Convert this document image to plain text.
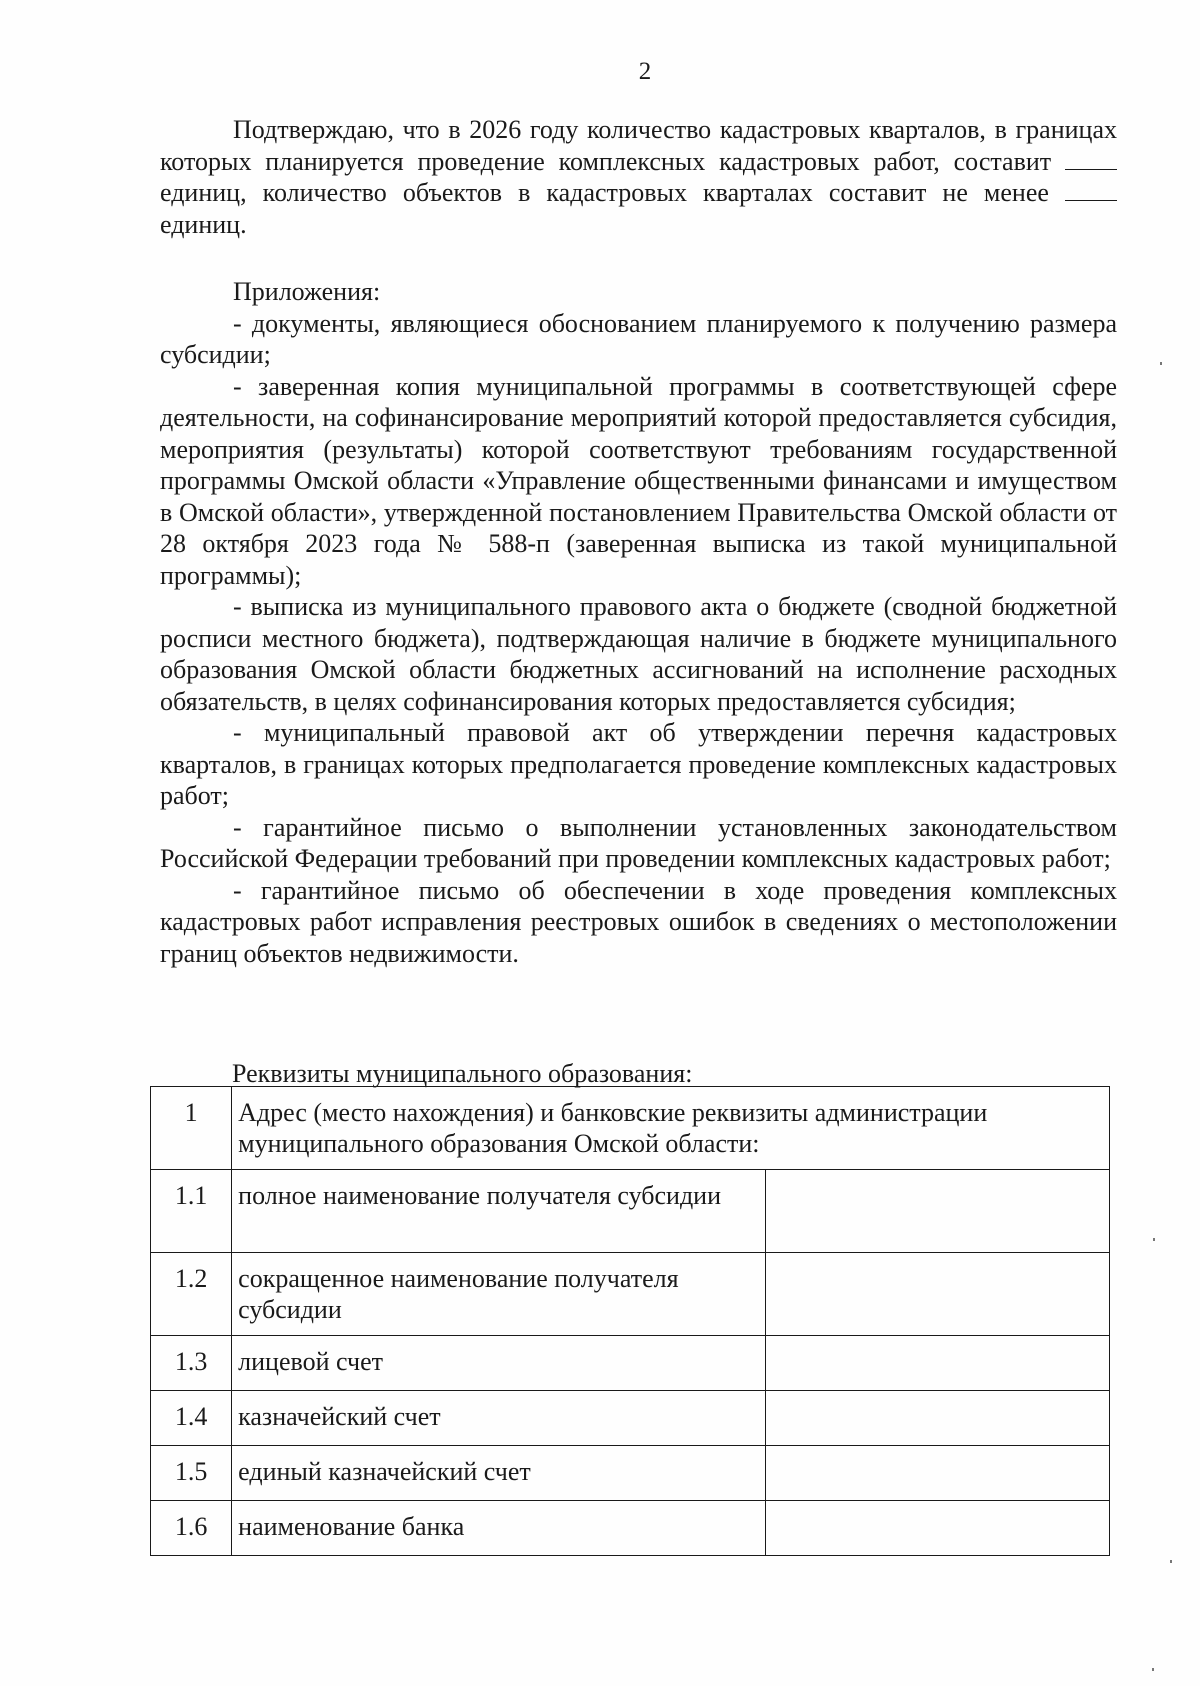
2

Подтверждаю, что в 2026 году количество кадастровых кварталов, в границах которых планируется проведение комплексных кадастровых работ, составит  единиц, количество объектов в кадастровых кварталах составит не менее  единиц.

Приложения:

- документы, являющиеся обоснованием планируемого к получению размера субсидии;

- заверенная копия муниципальной программы в соответствующей сфере деятельности, на софинансирование мероприятий которой предоставляется субсидия, мероприятия (результаты) которой соответствуют требованиям государственной программы Омской области «Управление общественными финансами и имуществом в Омской области», утвержденной постановлением Правительства Омской области от 28 октября 2023 года № 588-п (заверенная выписка из такой муниципальной программы);

- выписка из муниципального правового акта о бюджете (сводной бюджетной росписи местного бюджета), подтверждающая наличие в бюджете муниципального образования Омской области бюджетных ассигнований на исполнение расходных обязательств, в целях софинансирования которых предоставляется субсидия;

- муниципальный правовой акт об утверждении перечня кадастровых кварталов, в границах которых предполагается проведение комплексных кадастровых работ;

- гарантийное письмо о выполнении установленных законодательством Российской Федерации требований при проведении комплексных кадастровых работ;

- гарантийное письмо об обеспечении в ходе проведения комплексных кадастровых работ исправления реестровых ошибок в сведениях о местоположении границ объектов недвижимости.

Реквизиты муниципального образования:
1	Адрес (место нахождения) и банковские реквизиты администрации муниципального образования Омской области:	
1.1	полное наименование получателя субсидии	
1.2	сокращенное наименование получателя субсидии	
1.3	лицевой счет	
1.4	казначейский счет	
1.5	единый казначейский счет	
1.6	наименование банка	
